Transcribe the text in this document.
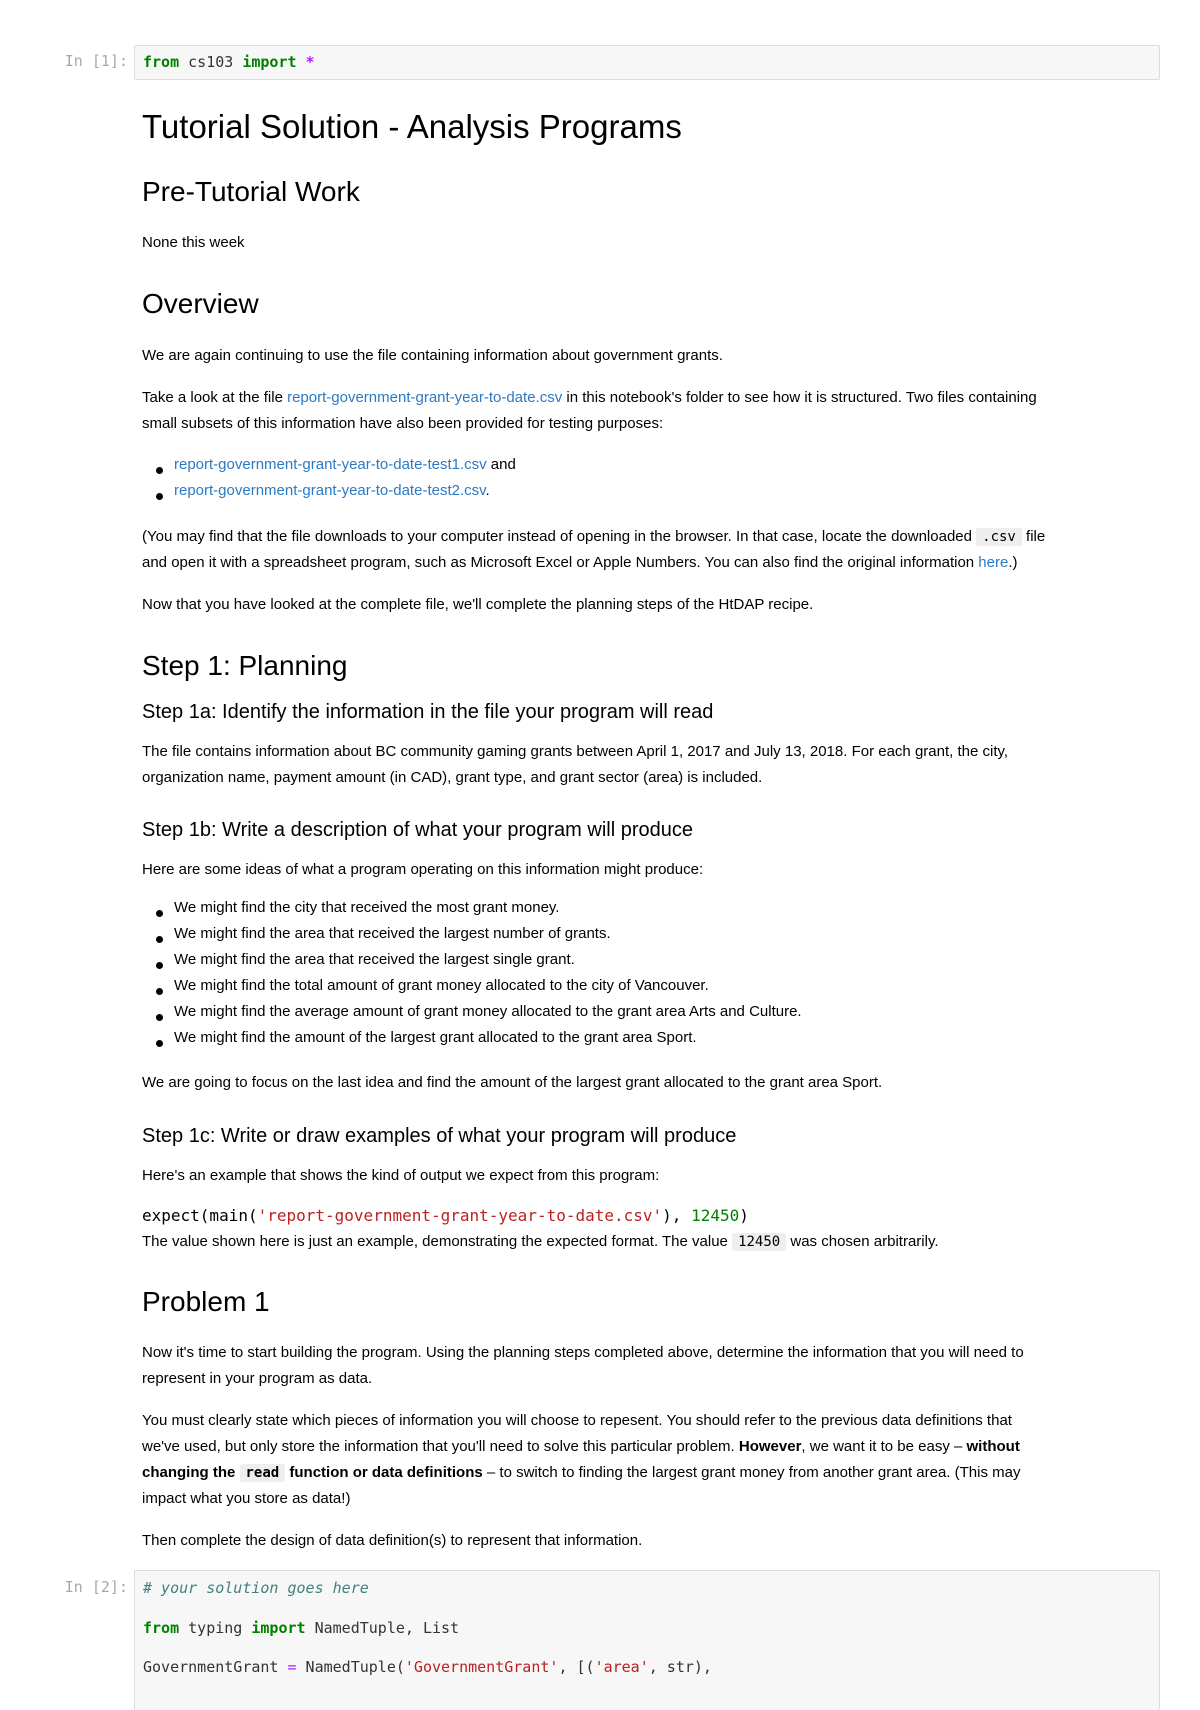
In [1]: from cs103 import *
Tutorial Solution - Analysis Programs
Pre-Tutorial Work
None this week
Overview
We are again continuing to use the file containing information about government grants.
Take a look at the file report-government-grant-year-to-date.csv in this notebook's folder to see how it is structured. Two files containing
small subsets of this information have also been provided for testing purposes:
report-government-grant-year-to-date-test1.csv and
report-government-grant-year-to-date-test2.csv.
(You may find that the file downloads to your computer instead of opening in the browser. In that case, locate the downloaded .csv file
and open it with a spreadsheet program, such as Microsoft Excel or Apple Numbers. You can also find the original information here.)
Now that you have looked at the complete file, we'll complete the planning steps of the HtDAP recipe.
Step 1: Planning
Step 1a: Identify the information in the file your program will read
The file contains information about BC community gaming grants between April 1, 2017 and July 13, 2018. For each grant, the city,
organization name, payment amount (in CAD), grant type, and grant sector (area) is included.
Step 1b: Write a description of what your program will produce
Here are some ideas of what a program operating on this information might produce:
We might find the city that received the most grant money.
We might find the area that received the largest number of grants.
We might find the area that received the largest single grant.
We might find the total amount of grant money allocated to the city of Vancouver.
We might find the average amount of grant money allocated to the grant area Arts and Culture.
We might find the amount of the largest grant allocated to the grant area Sport.
We are going to focus on the last idea and find the amount of the largest grant allocated to the grant area Sport.
Step 1c: Write or draw examples of what your program will produce
Here's an example that shows the kind of output we expect from this program:
expect(main('report-government-grant-year-to-date.csv'), 12450)
The value shown here is just an example, demonstrating the expected format. The value 12450 was chosen arbitrarily.
Problem 1
Now it's time to start building the program. Using the planning steps completed above, determine the information that you will need to
represent in your program as data.
You must clearly state which pieces of information you will choose to repesent. You should refer to the previous data definitions that
we've used, but only store the information that you'll need to solve this particular problem. However, we want it to be easy – without
changing the read function or data definitions – to switch to finding the largest grant money from another grant area. (This may
impact what you store as data!)
Then complete the design of data definition(s) to represent that information.
In [2]: # your solution goes here
from typing import NamedTuple, List
GovernmentGrant = NamedTuple('GovernmentGrant', [('area', str),
